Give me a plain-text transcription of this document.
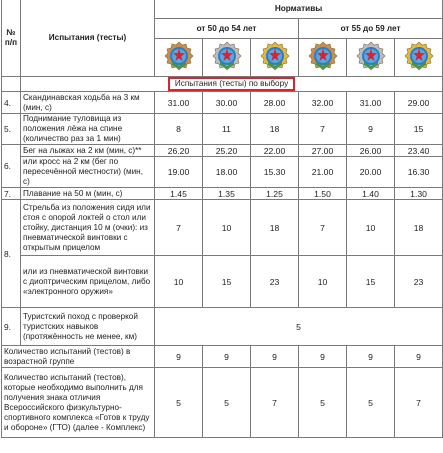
№
п/п	Испытания (тесты)	Нормативы					
		от 50 до 54 лет			от 55 до 59 лет		

	Испытания (тесты) по выбору						
4.	Скандинавская ходьба на 3 км (мин, с)	31.00	30.00	28.00	32.00	31.00	29.00
5.	Поднимание туловища из положения лёжа на спине (количество раз за 1 мин)	8	11	18	7	9	15
6.	Бег на лыжах на 2 км (мин, с)**	26.20	25.20	22.00	27.00	26.00	23.40
	или кросс на 2 км (бег по пересечённой местности) (мин, с)	19.00	18.00	15.30	21.00	20.00	16.30
7.	Плавание на 50 м (мин, с)	1.45	1.35	1.25	1.50	1.40	1.30
8.	Стрельба из положения сидя или стоя с опорой локтей о стол или стойку, дистанция 10 м (очки): из пневматической винтовки с открытым прицелом	7	10	18	7	10	18
	или из пневматической винтовки с диоптрическим прицелом, либо «электронного оружия»	10	15	23	10	15	23
9.	Туристский поход с проверкой туристских навыков (протяжённость не менее, км)	5					
Количество испытаний (тестов) в возрастной группе		9	9	9	9	9	9
Количество испытаний (тестов), которые необходимо выполнить для получения знака отличия Всероссийского физкультурно-спортивного комплекса «Готов к труду и обороне» (ГТО) (далее - Комплекс)		5	5	7	5	5	7
